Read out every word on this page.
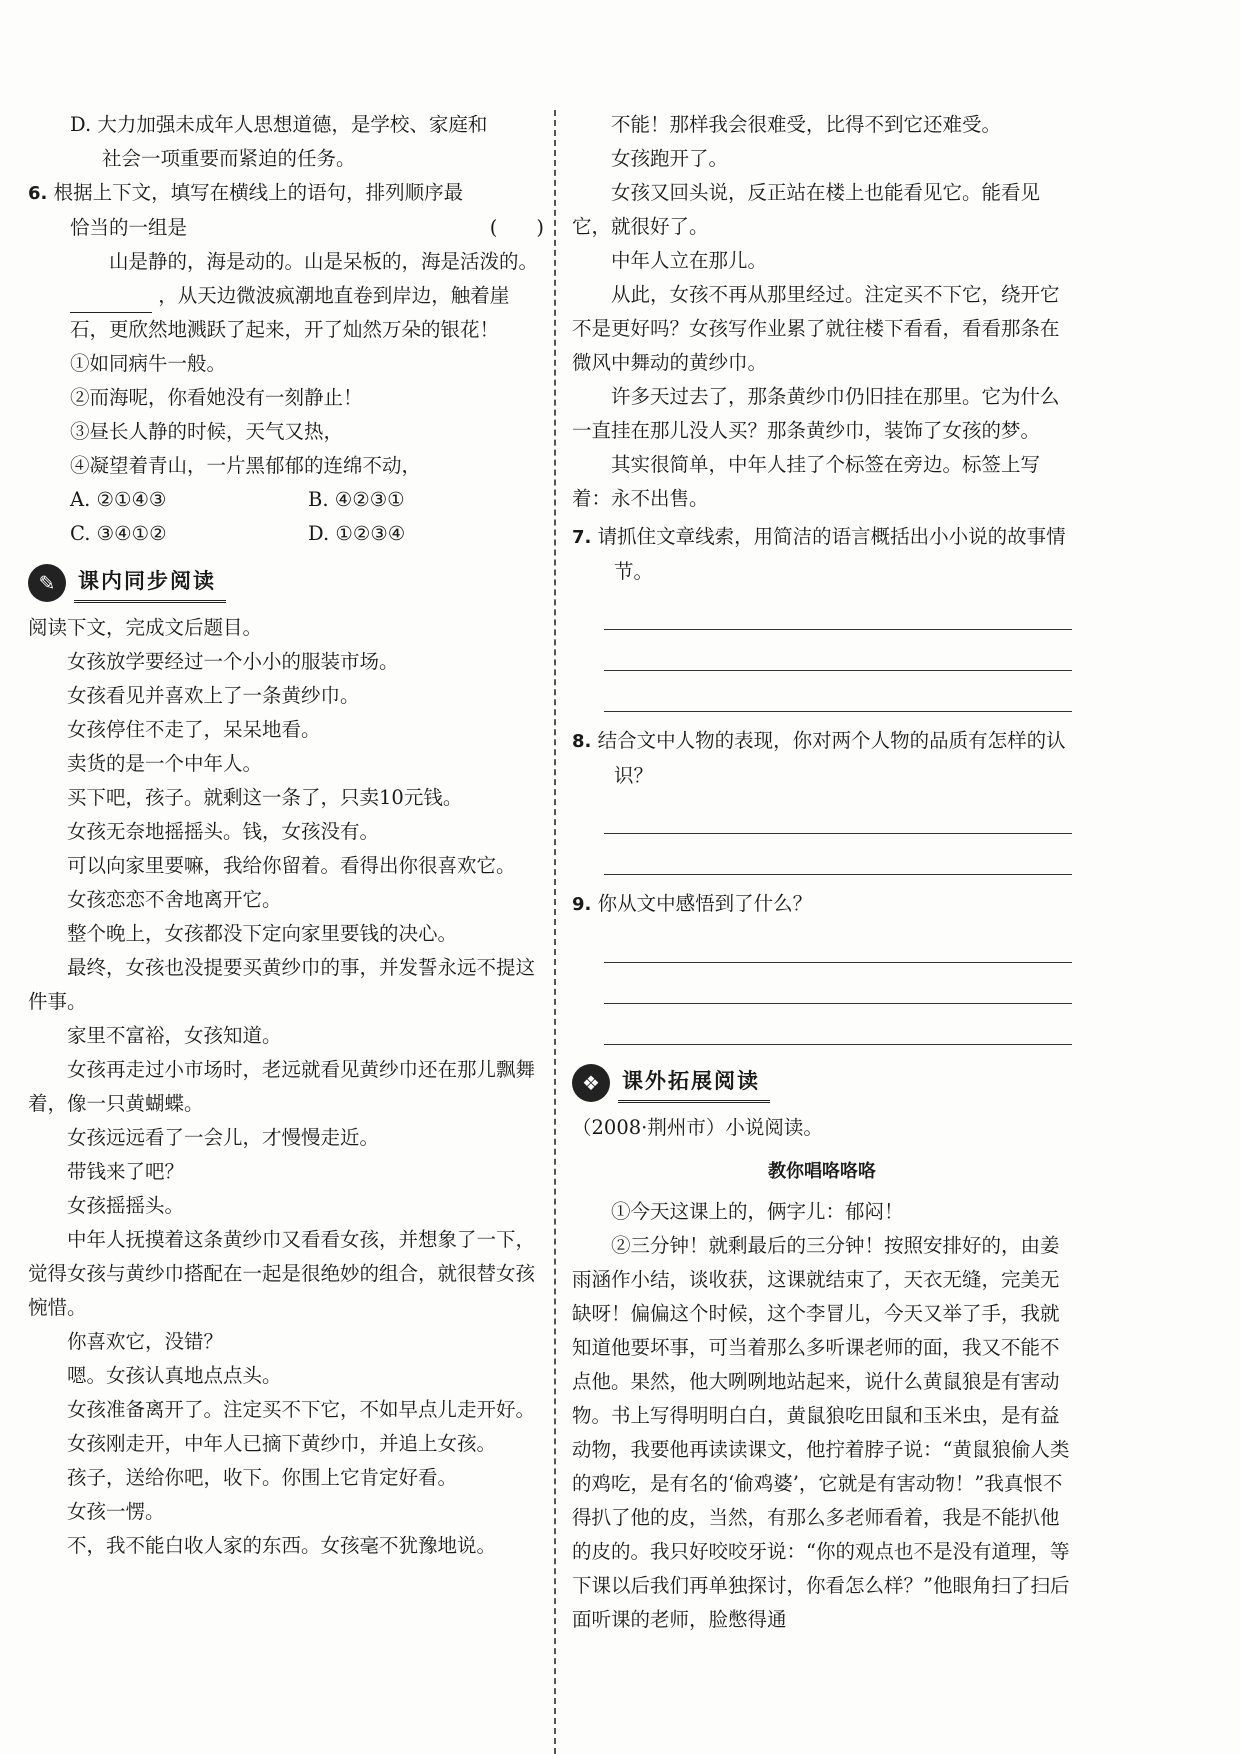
D. 大力加强未成年人思想道德，是学校、家庭和

社会一项重要而紧迫的任务。

6. 根据上下文，填写在横线上的语句，排列顺序最

恰当的一组是	(　　)

山是静的，海是动的。山是呆板的，海是活泼的。  ，从天边微波疯潮地直卷到岸边，触着崖石，更欣然地溅跃了起来，开了灿然万朵的银花！

①如同病牛一般。

②而海呢，你看她没有一刻静止！

③昼长人静的时候，天气又热，

④凝望着青山，一片黑郁郁的连绵不动，

A. ②①④③	B. ④②③①
C. ③④①②	D. ①②③④
✎	课内同步阅读

阅读下文，完成文后题目。

女孩放学要经过一个小小的服装市场。

女孩看见并喜欢上了一条黄纱巾。

女孩停住不走了，呆呆地看。

卖货的是一个中年人。

买下吧，孩子。就剩这一条了，只卖10元钱。

女孩无奈地摇摇头。钱，女孩没有。

可以向家里要嘛，我给你留着。看得出你很喜欢它。

女孩恋恋不舍地离开它。

整个晚上，女孩都没下定向家里要钱的决心。

最终，女孩也没提要买黄纱巾的事，并发誓永远不提这件事。

家里不富裕，女孩知道。

女孩再走过小市场时，老远就看见黄纱巾还在那儿飘舞着，像一只黄蝴蝶。

女孩远远看了一会儿，才慢慢走近。

带钱来了吧？

女孩摇摇头。

中年人抚摸着这条黄纱巾又看看女孩，并想象了一下，觉得女孩与黄纱巾搭配在一起是很绝妙的组合，就很替女孩惋惜。

你喜欢它，没错？

嗯。女孩认真地点点头。

女孩准备离开了。注定买不下它，不如早点儿走开好。

女孩刚走开，中年人已摘下黄纱巾，并追上女孩。

孩子，送给你吧，收下。你围上它肯定好看。

女孩一愣。

不，我不能白收人家的东西。女孩毫不犹豫地说。

不能！那样我会很难受，比得不到它还难受。

女孩跑开了。

女孩又回头说，反正站在楼上也能看见它。能看见它，就很好了。

中年人立在那儿。

从此，女孩不再从那里经过。注定买不下它，绕开它不是更好吗？女孩写作业累了就往楼下看看，看看那条在微风中舞动的黄纱巾。

许多天过去了，那条黄纱巾仍旧挂在那里。它为什么一直挂在那儿没人买？那条黄纱巾，装饰了女孩的梦。

其实很简单，中年人挂了个标签在旁边。标签上写着：永不出售。

7. 请抓住文章线索，用简洁的语言概括出小小说的故事情节。

8. 结合文中人物的表现，你对两个人物的品质有怎样的认识？

9. 你从文中感悟到了什么？

❖	课外拓展阅读

（2008·荆州市）小说阅读。

教你唱咯咯咯

①今天这课上的，俩字儿：郁闷！

②三分钟！就剩最后的三分钟！按照安排好的，由姜雨涵作小结，谈收获，这课就结束了，天衣无缝，完美无缺呀！偏偏这个时候，这个李冒儿，今天又举了手，我就知道他要坏事，可当着那么多听课老师的面，我又不能不点他。果然，他大咧咧地站起来，说什么黄鼠狼是有害动物。书上写得明明白白，黄鼠狼吃田鼠和玉米虫，是有益动物，我要他再读读课文，他拧着脖子说：“黄鼠狼偷人类的鸡吃，是有名的‘偷鸡婆’，它就是有害动物！”我真恨不得扒了他的皮，当然，有那么多老师看着，我是不能扒他的皮的。我只好咬咬牙说：“你的观点也不是没有道理，等下课以后我们再单独探讨，你看怎么样？”他眼角扫了扫后面听课的老师，脸憋得通
